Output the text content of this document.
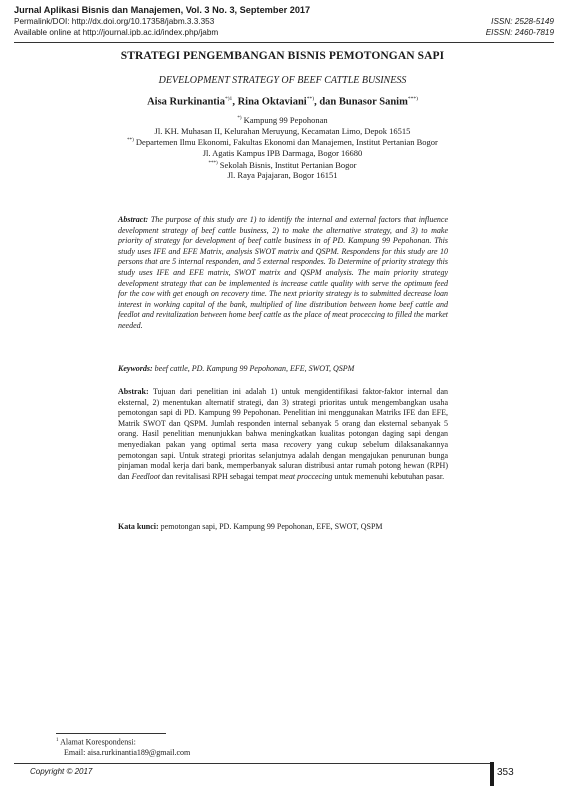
Jurnal Aplikasi Bisnis dan Manajemen, Vol. 3 No. 3, September 2017
Permalink/DOI: http://dx.doi.org/10.17358/jabm.3.3.353	ISSN: 2528-5149
Available online at http://journal.ipb.ac.id/index.php/jabm	EISSN: 2460-7819
STRATEGI PENGEMBANGAN BISNIS PEMOTONGAN SAPI
DEVELOPMENT STRATEGY OF BEEF CATTLE BUSINESS
Aisa Rurkinantia$^{*)1}$, Rina Oktaviani**), dan Bunasor Sanim***)
*) Kampung 99 Pepohonan
Jl. KH. Muhasan II, Kelurahan Meruyung, Kecamatan Limo, Depok 16515
**) Departemen Ilmu Ekonomi, Fakultas Ekonomi dan Manajemen, Institut Pertanian Bogor
Jl. Agatis Kampus IPB Darmaga, Bogor 16680
***) Sekolah Bisnis, Institut Pertanian Bogor
Jl. Raya Pajajaran, Bogor 16151
Abstract: The purpose of this study are 1) to identify the internal and external factors that influence development strategy of beef cattle business, 2) to make the alternative strategy, and 3) to make priority of strategy for development of beef cattle business in of PD. Kampung 99 Pepohonan. This study uses IFE and EFE Matrix, analysis SWOT matrix and QSPM. Respondens for this study are 10 persons that are 5 internal responden, and 5 external respondes. To Determine of priority strategy this study uses IFE and EFE matrix, SWOT matrix and QSPM analysis. The main priority strategy development strategy that can be implemented is increase cattle quality with serve the optimum feed for the cow with get enough on recovery time. The next priority strategy is to submitted decrease loan interest in working capital of the bank, multiplied of line distribution between home beef cattle and feedlot and revitalization between home beef cattle as the place of meat proceccing to filled the market needed.
Keywords: beef cattle, PD. Kampung 99 Pepohonan, EFE, SWOT, QSPM
Abstrak: Tujuan dari penelitian ini adalah 1) untuk mengidentifikasi faktor-faktor internal dan eksternal, 2) menentukan alternatif strategi, dan 3) strategi prioritas untuk mengembangkan usaha pemotongan sapi di PD. Kampung 99 Pepohonan. Penelitian ini menggunakan Matriks IFE dan EFE, Matrik SWOT dan QSPM. Jumlah responden internal sebanyak 5 orang dan eksternal sebanyak 5 orang. Hasil penelitian menunjukkan bahwa meningkatkan kualitas potongan daging sapi dengan menyediakan pakan yang optimal serta masa recovery yang cukup sebelum dilaksanakannya pemotongan sapi. Untuk strategi prioritas selanjutnya adalah dengan mengajukan penurunan bunga pinjaman modal kerja dari bank, memperbanyak saluran distribusi antar rumah potong hewan (RPH) dan Feedloot dan revitalisasi RPH sebagai tempat meat proccecing untuk memenuhi kebutuhan pasar.
Kata kunci: pemotongan sapi, PD. Kampung 99 Pepohonan, EFE, SWOT, QSPM
$^1$ Alamat Korespondensi:
Email: aisa.rurkinantia189@gmail.com
Copyright © 2017	353
